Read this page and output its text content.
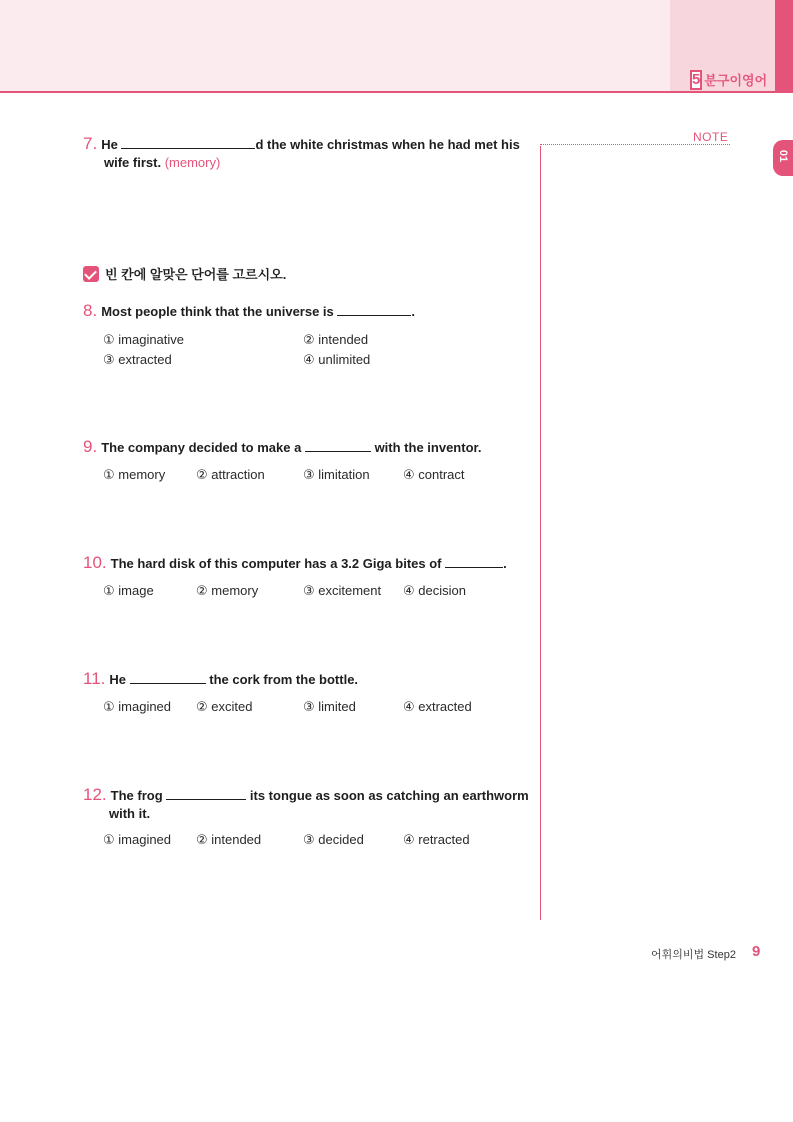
5 분구이영어
01
NOTE
7. He	d the white christmas when he had met his
wife first. (memory)
빈 칸에 알맞은 단어를 고르시오.
8. Most people think that the universe is	.
① imaginative	② intended
③ extracted	④ unlimited
9. The company decided to make a	with the inventor.
① memory ② attraction	③ limitation	④ contract
10. The hard disk of this computer has a 3.2 Giga bites of	.
① image	② memory	③ excitement ④ decision
11. He	the cork from the bottle.
① imagined ② excited	③ limited	④ extracted
12. The frog	its tongue as soon as catching an earthworm
with it.
① imagined ② intended	③ decided	④ retracted
어휘의비법 Step2 9
